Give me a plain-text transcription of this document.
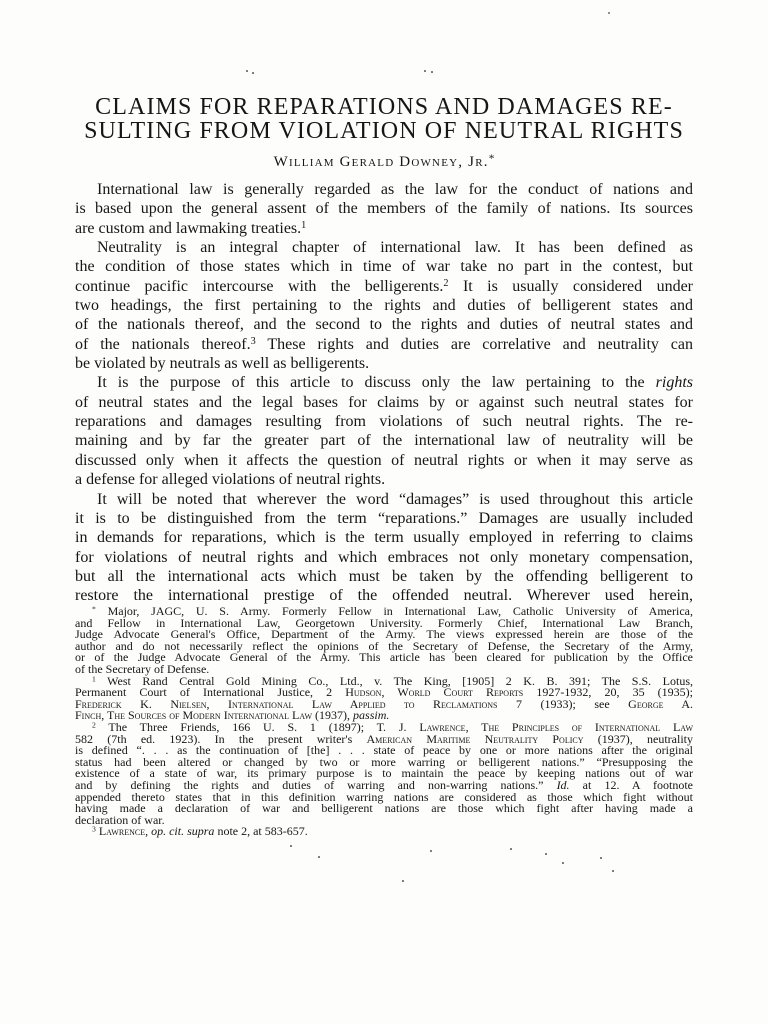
CLAIMS FOR REPARATIONS AND DAMAGES RE-
SULTING FROM VIOLATION OF NEUTRAL RIGHTS
William Gerald Downey, Jr.*
International law is generally regarded as the law for the conduct of nations and
is based upon the general assent of the members of the family of nations. Its sources
are custom and lawmaking treaties.$^1$
Neutrality is an integral chapter of international law. It has been defined as
the condition of those states which in time of war take no part in the contest, but
continue pacific intercourse with the belligerents.$^2$ It is usually considered under
two headings, the first pertaining to the rights and duties of belligerent states and
of the nationals thereof, and the second to the rights and duties of neutral states and
of the nationals thereof.$^3$ These rights and duties are correlative and neutrality can
be violated by neutrals as well as belligerents.
It is the purpose of this article to discuss only the law pertaining to the rights
of neutral states and the legal bases for claims by or against such neutral states for
reparations and damages resulting from violations of such neutral rights. The re-
maining and by far the greater part of the international law of neutrality will be
discussed only when it affects the question of neutral rights or when it may serve as
a defense for alleged violations of neutral rights.
It will be noted that wherever the word “damages” is used throughout this article
it is to be distinguished from the term “reparations.” Damages are usually included
in demands for reparations, which is the term usually employed in referring to claims
for violations of neutral rights and which embraces not only monetary compensation,
but all the international acts which must be taken by the offending belligerent to
restore the international prestige of the offended neutral. Wherever used herein,
* Major, JAGC, U. S. Army. Formerly Fellow in International Law, Catholic University of America,
and Fellow in International Law, Georgetown University. Formerly Chief, International Law Branch,
Judge Advocate General's Office, Department of the Army. The views expressed herein are those of the
author and do not necessarily reflect the opinions of the Secretary of Defense, the Secretary of the Army,
or of the Judge Advocate General of the Army. This article has been cleared for publication by the Office
of the Secretary of Defense.
$^1$ West Rand Central Gold Mining Co., Ltd., v. The King, [1905] 2 K. B. 391; The S.S. Lotus,
Permanent Court of International Justice, 2 Hudson, World Court Reports 1927-1932, 20, 35 (1935);
Frederick K. Nielsen, International Law Applied to Reclamations 7 (1933); see George A.
Finch, The Sources of Modern International Law (1937), passim.
$^2$ The Three Friends, 166 U. S. 1 (1897); T. J. Lawrence, The Principles of International Law
582 (7th ed. 1923). In the present writer's American Maritime Neutrality Policy (1937), neutrality
is defined “. . . as the continuation of [the] . . . state of peace by one or more nations after the original
status had been altered or changed by two or more warring or belligerent nations.” “Presupposing the
existence of a state of war, its primary purpose is to maintain the peace by keeping nations out of war
and by defining the rights and duties of warring and non-warring nations.” Id. at 12. A footnote
appended thereto states that in this definition warring nations are considered as those which fight without
having made a declaration of war and belligerent nations are those which fight after having made a
declaration of war.
$^3$ Lawrence, op. cit. supra note 2, at 583-657.
